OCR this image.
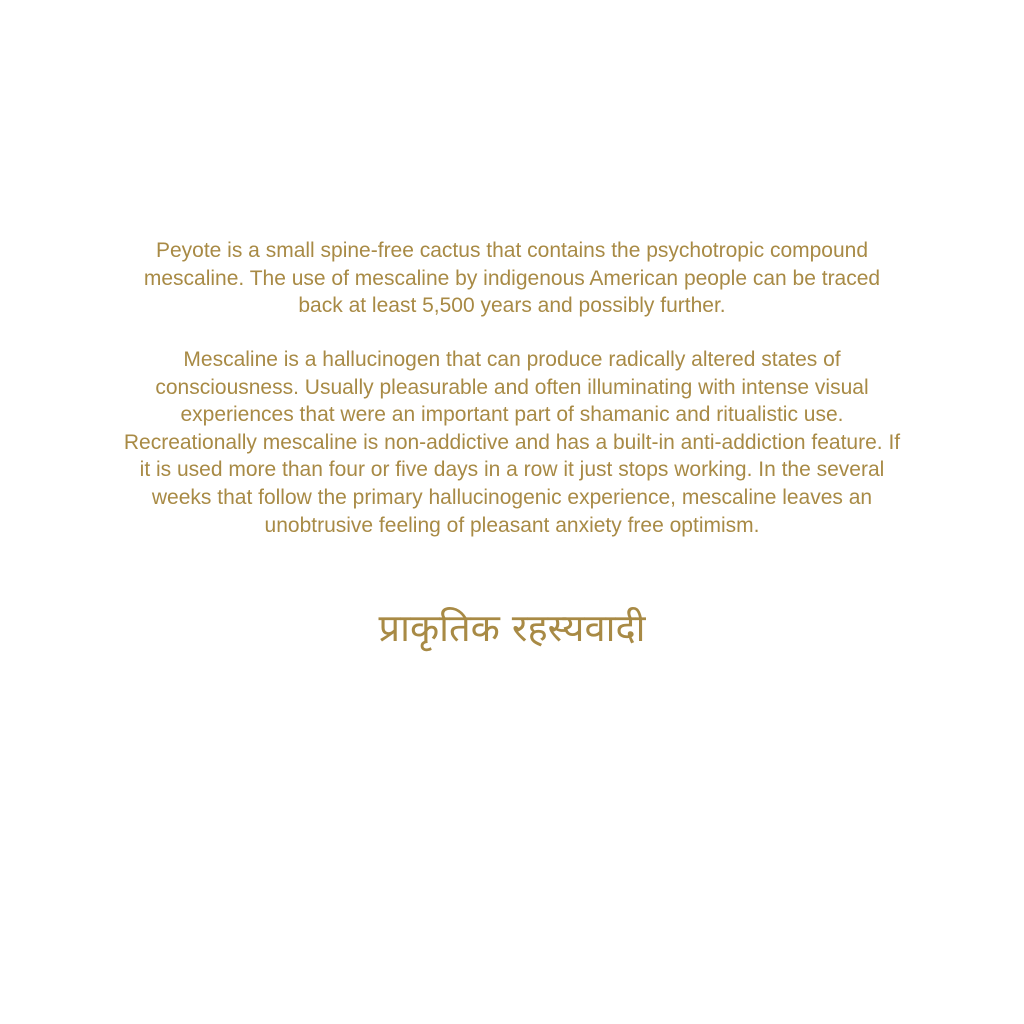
Peyote is a small spine-free cactus that contains the psychotropic compound
mescaline. The use of mescaline by indigenous American people can be traced
back at least 5,500 years and possibly further.

Mescaline is a hallucinogen that can produce radically altered states of
consciousness. Usually pleasurable and often illuminating with intense visual
experiences that were an important part of shamanic and ritualistic use.
Recreationally mescaline is non-addictive and has a built-in anti-addiction feature. If
it is used more than four or five days in a row it just stops working. In the several
weeks that follow the primary hallucinogenic experience, mescaline leaves an
unobtrusive feeling of pleasant anxiety free optimism.

प्राकृतिक रहस्यवादी
